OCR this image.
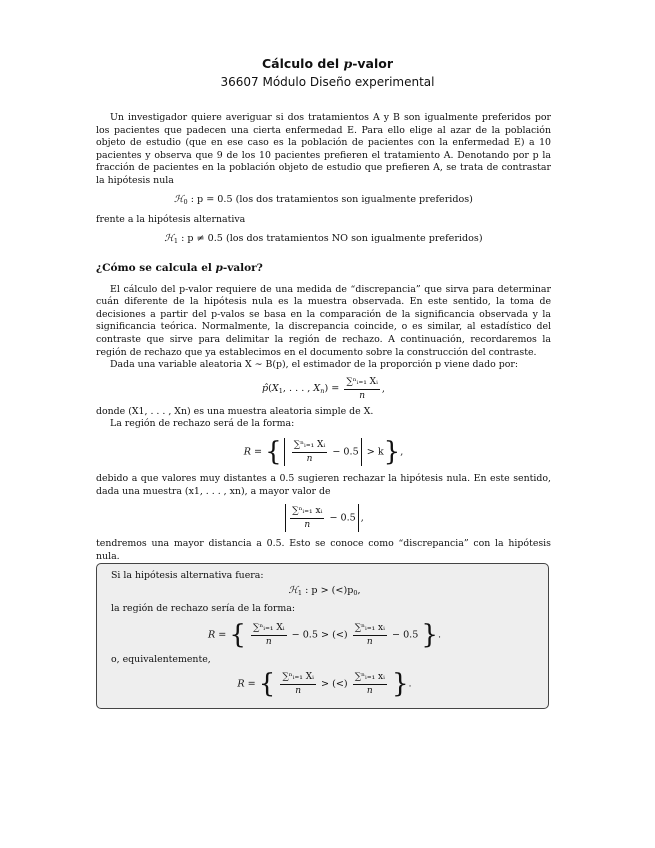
Cálculo del p-valor
36607 Módulo Diseño experimental

Un investigador quiere averiguar si dos tratamientos A y B son igualmente preferidos por los pacientes que padecen una cierta enfermedad E. Para ello elige al azar de la población objeto de estudio (que en ese caso es la población de pacientes con la enfermedad E) a 10 pacientes y observa que 9 de los 10 pacientes prefieren el tratamiento A. Denotando por p la fracción de pacientes en la población objeto de estudio que prefieren A, se trata de contrastar la hipótesis nula

ℋ$_0$ : p = 0.5 (los dos tratamientos son igualmente preferidos)

frente a la hipótesis alternativa

ℋ$_1$ : p ≠ 0.5 (los dos tratamientos NO son igualmente preferidos)

¿Cómo se calcula el p-valor?

El cálculo del p-valor requiere de una medida de “discrepancia” que sirva para determinar cuán diferente de la hipótesis nula es la muestra observada. En este sentido, la toma de decisiones a partir del p-valos se basa en la comparación de la significancia observada y la significancia teórica. Normalmente, la discrepancia coincide, o es similar, al estadístico del contraste que sirve para delimitar la región de rechazo. A continuación, recordaremos la región de rechazo que ya establecimos en el documento sobre la construcción del contraste.

Dada una variable aleatoria X ∼ B(p), el estimador de la proporción p viene dado por:

$p̂(X_1$, . . . , $X_n) = \frac{\text{∑ⁿᵢ₌₁ Xᵢ}}{n}$ ,

donde (X1, . . . , Xn) es una muestra aleatoria simple de X.

La región de rechazo será de la forma:

R = { $\frac{\text{∑ⁿᵢ₌₁ Xᵢ}}{n} - 0.5 > k$},

debido a que valores muy distantes a 0.5 sugieren rechazar la hipótesis nula. En este sentido, dada una muestra (x1, . . . , xn), a mayor valor de

$\frac{\text{∑ⁿᵢ₌₁ xᵢ}}{n} - 0.5$ ,

tendremos una mayor distancia a 0.5. Esto se conoce como “discrepancia” con la hipótesis nula.

Si la hipótesis alternativa fuera:

ℋ$_1$ : $p > (<)p_0$,

la región de rechazo sería de la forma:

R = { $\frac{\text{∑ⁿᵢ₌₁ Xᵢ}}{n} - 0.5$ > (<) $\frac{\text{∑ⁿᵢ₌₁ xᵢ}}{n} - 0.5$ }.

o, equivalentemente,

R = { $\frac{\text{∑ⁿᵢ₌₁ Xᵢ}}{n}$ > (<) $\frac{\text{∑ⁿᵢ₌₁ xᵢ}}{n}$ }.
